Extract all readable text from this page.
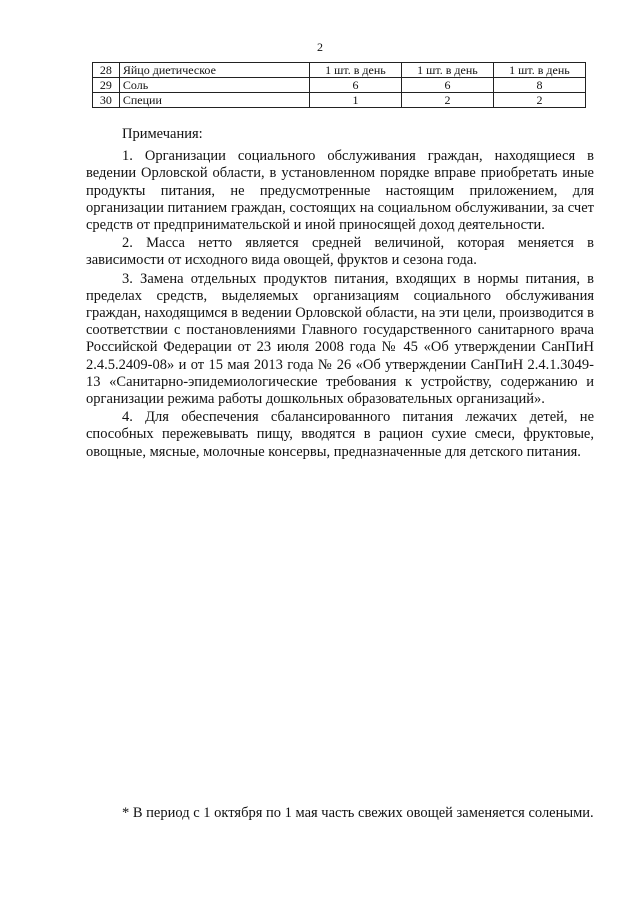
2
28	Яйцо диетическое	1 шт. в день	1 шт. в день	1 шт. в день
29	Соль	6	6	8
30	Специи	1	2	2
Примечания:

1. Организации социального обслуживания граждан, находящиеся в ведении Орловской области, в установленном порядке вправе приобретать иные продукты питания, не предусмотренные настоящим приложением, для организации питанием граждан, состоящих на социальном обслуживании, за счет средств от предпринимательской и иной приносящей доход деятельности.

2. Масса нетто является средней величиной, которая меняется в зависимости от исходного вида овощей, фруктов и сезона года.

3. Замена отдельных продуктов питания, входящих в нормы питания, в пределах средств, выделяемых организациям социального обслуживания граждан, находящимся в ведении Орловской области, на эти цели, производится в соответствии с постановлениями Главного государственного санитарного врача Российской Федерации от 23 июля 2008 года № 45 «Об утверждении СанПиН 2.4.5.2409-08» и от 15 мая 2013 года № 26 «Об утверждении СанПиН 2.4.1.3049-13 «Санитарно-эпидемиологические требования к устройству, содержанию и организации режима работы дошкольных образовательных организаций».

4. Для обеспечения сбалансированного питания лежачих детей, не способных пережевывать пищу, вводятся в рацион сухие смеси, фруктовые, овощные, мясные, молочные консервы, предназначенные для детского питания.

* В период с 1 октября по 1 мая часть свежих овощей заменяется солеными.
